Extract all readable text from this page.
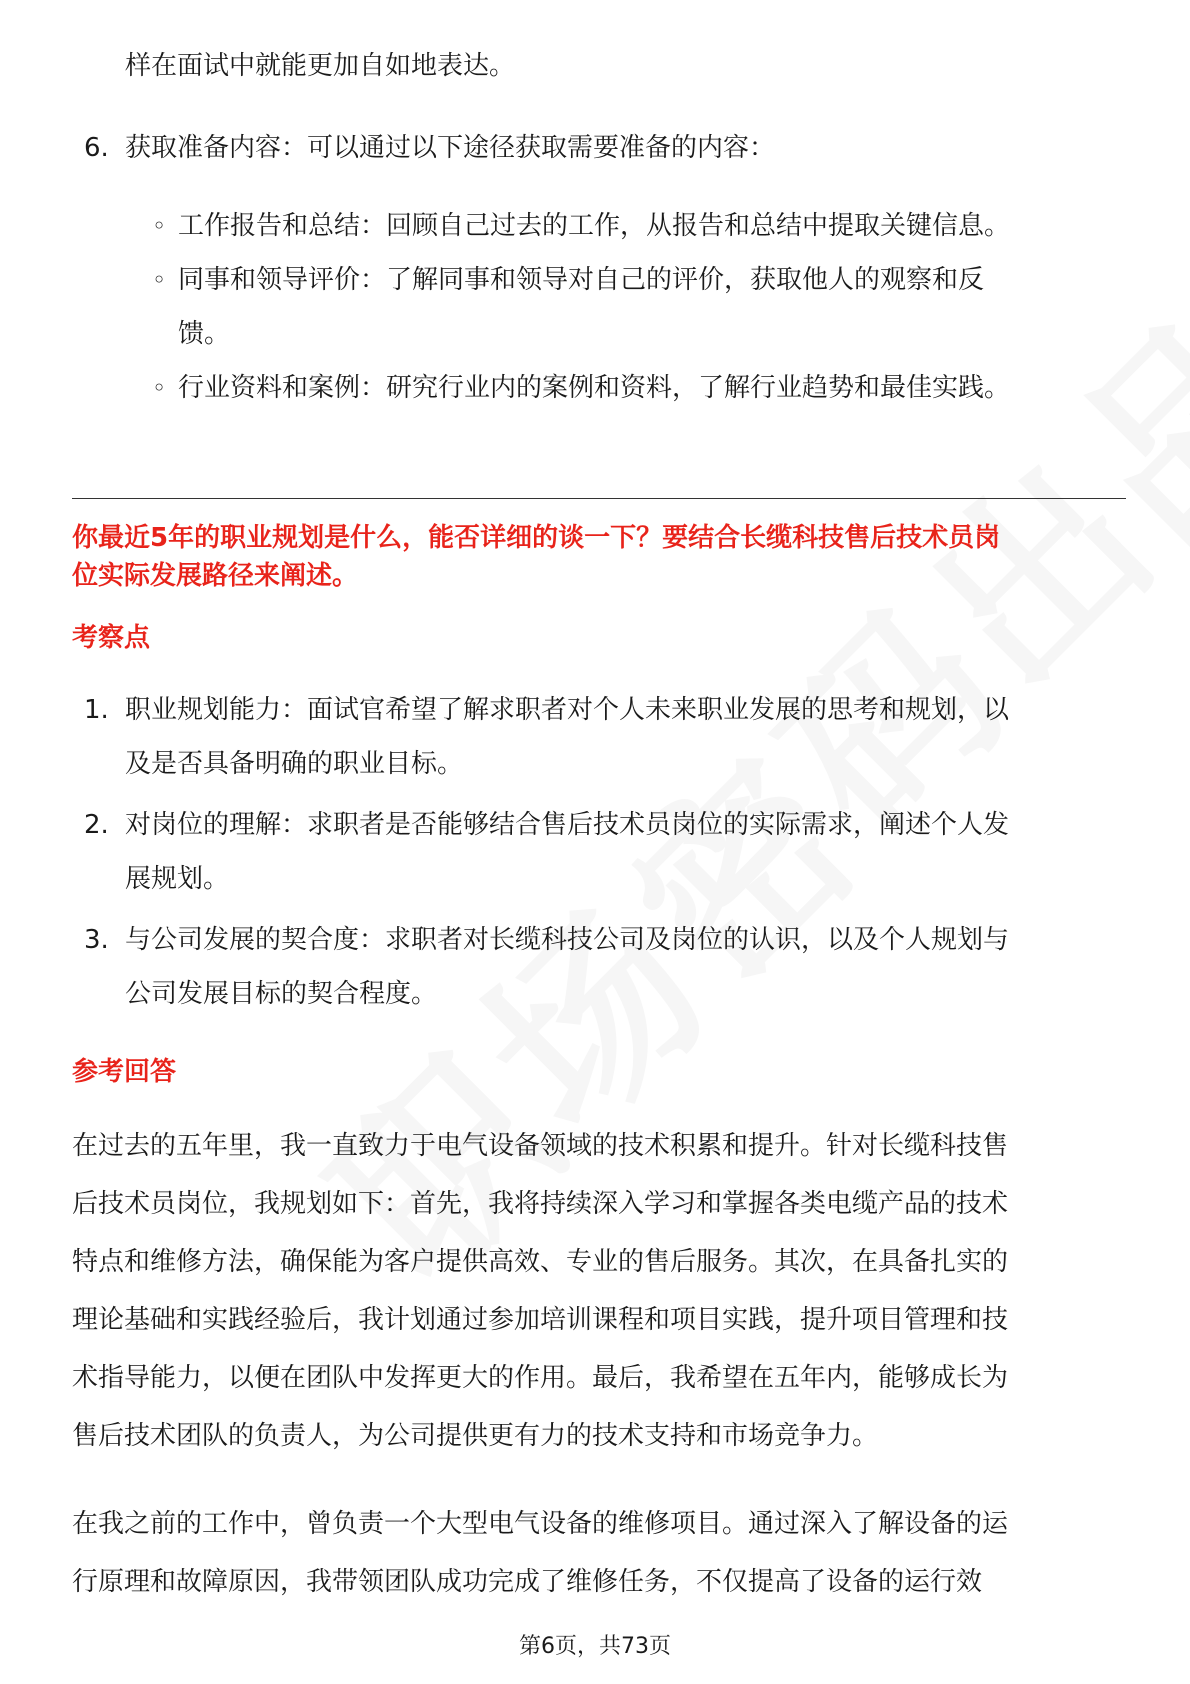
样在面试中就能更加自如地表达。
6. 获取准备内容：可以通过以下途径获取需要准备的内容：
◦ 工作报告和总结：回顾自己过去的工作，从报告和总结中提取关键信息。
◦ 同事和领导评价：了解同事和领导对自己的评价，获取他人的观察和反
馈。
◦ 行业资料和案例：研究行业内的案例和资料，了解行业趋势和最佳实践。
你最近5年的职业规划是什么，能否详细的谈一下？要结合长缆科技售后技术员岗
位实际发展路径来阐述。
考察点
1. 职业规划能力：面试官希望了解求职者对个人未来职业发展的思考和规划，以
及是否具备明确的职业目标。
2. 对岗位的理解：求职者是否能够结合售后技术员岗位的实际需求，阐述个人发
展规划。
3. 与公司发展的契合度：求职者对长缆科技公司及岗位的认识，以及个人规划与
公司发展目标的契合程度。
参考回答
在过去的五年里，我一直致力于电气设备领域的技术积累和提升。针对长缆科技售
后技术员岗位，我规划如下：首先，我将持续深入学习和掌握各类电缆产品的技术
特点和维修方法，确保能为客户提供高效、专业的售后服务。其次，在具备扎实的
理论基础和实践经验后，我计划通过参加培训课程和项目实践，提升项目管理和技
术指导能力，以便在团队中发挥更大的作用。最后，我希望在五年内，能够成长为
售后技术团队的负责人，为公司提供更有力的技术支持和市场竞争力。
在我之前的工作中，曾负责一个大型电气设备的维修项目。通过深入了解设备的运
行原理和故障原因，我带领团队成功完成了维修任务，不仅提高了设备的运行效
第6页，共73页
